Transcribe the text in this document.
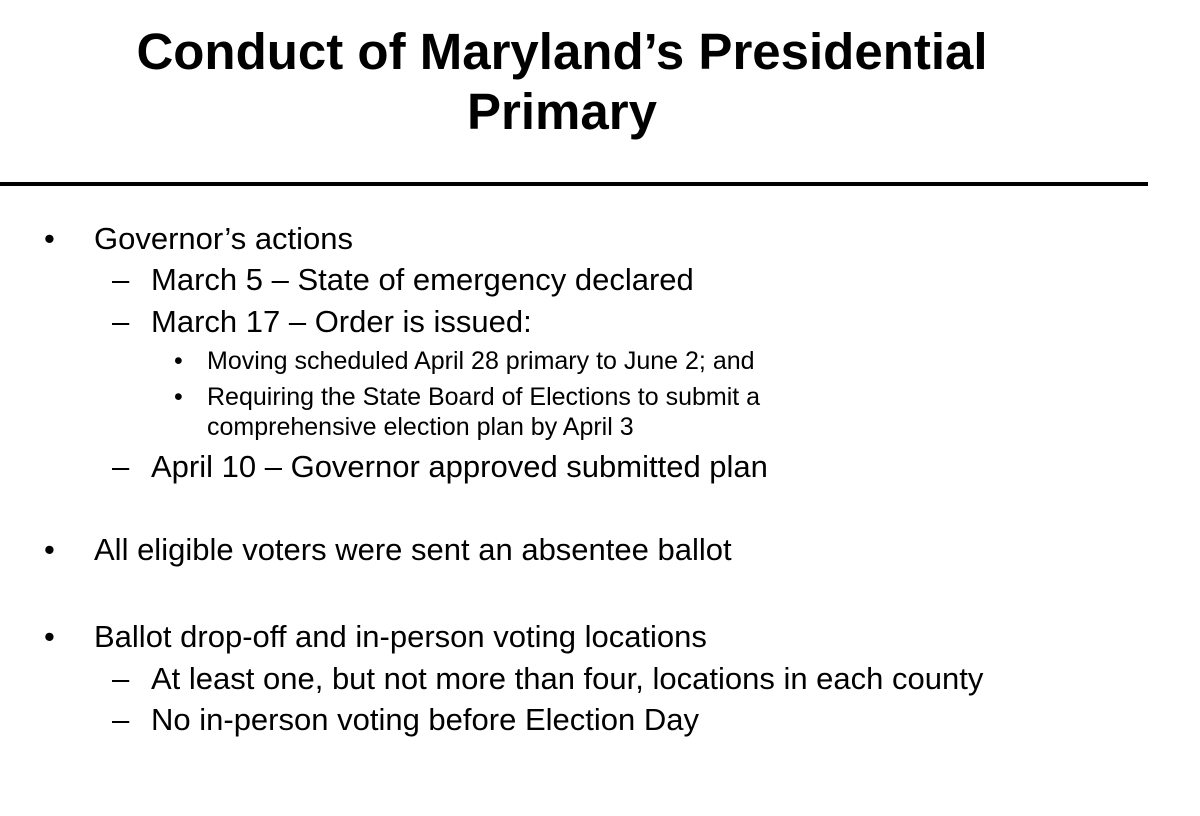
Conduct of Maryland’s Presidential
Primary
• Governor’s actions
– March 5 – State of emergency declared
– March 17 – Order is issued:
• Moving scheduled April 28 primary to June 2; and
• Requiring the State Board of Elections to submit a
comprehensive election plan by April 3
– April 10 – Governor approved submitted plan
• All eligible voters were sent an absentee ballot
• Ballot drop-off and in-person voting locations
– At least one, but not more than four, locations in each county
– No in-person voting before Election Day
